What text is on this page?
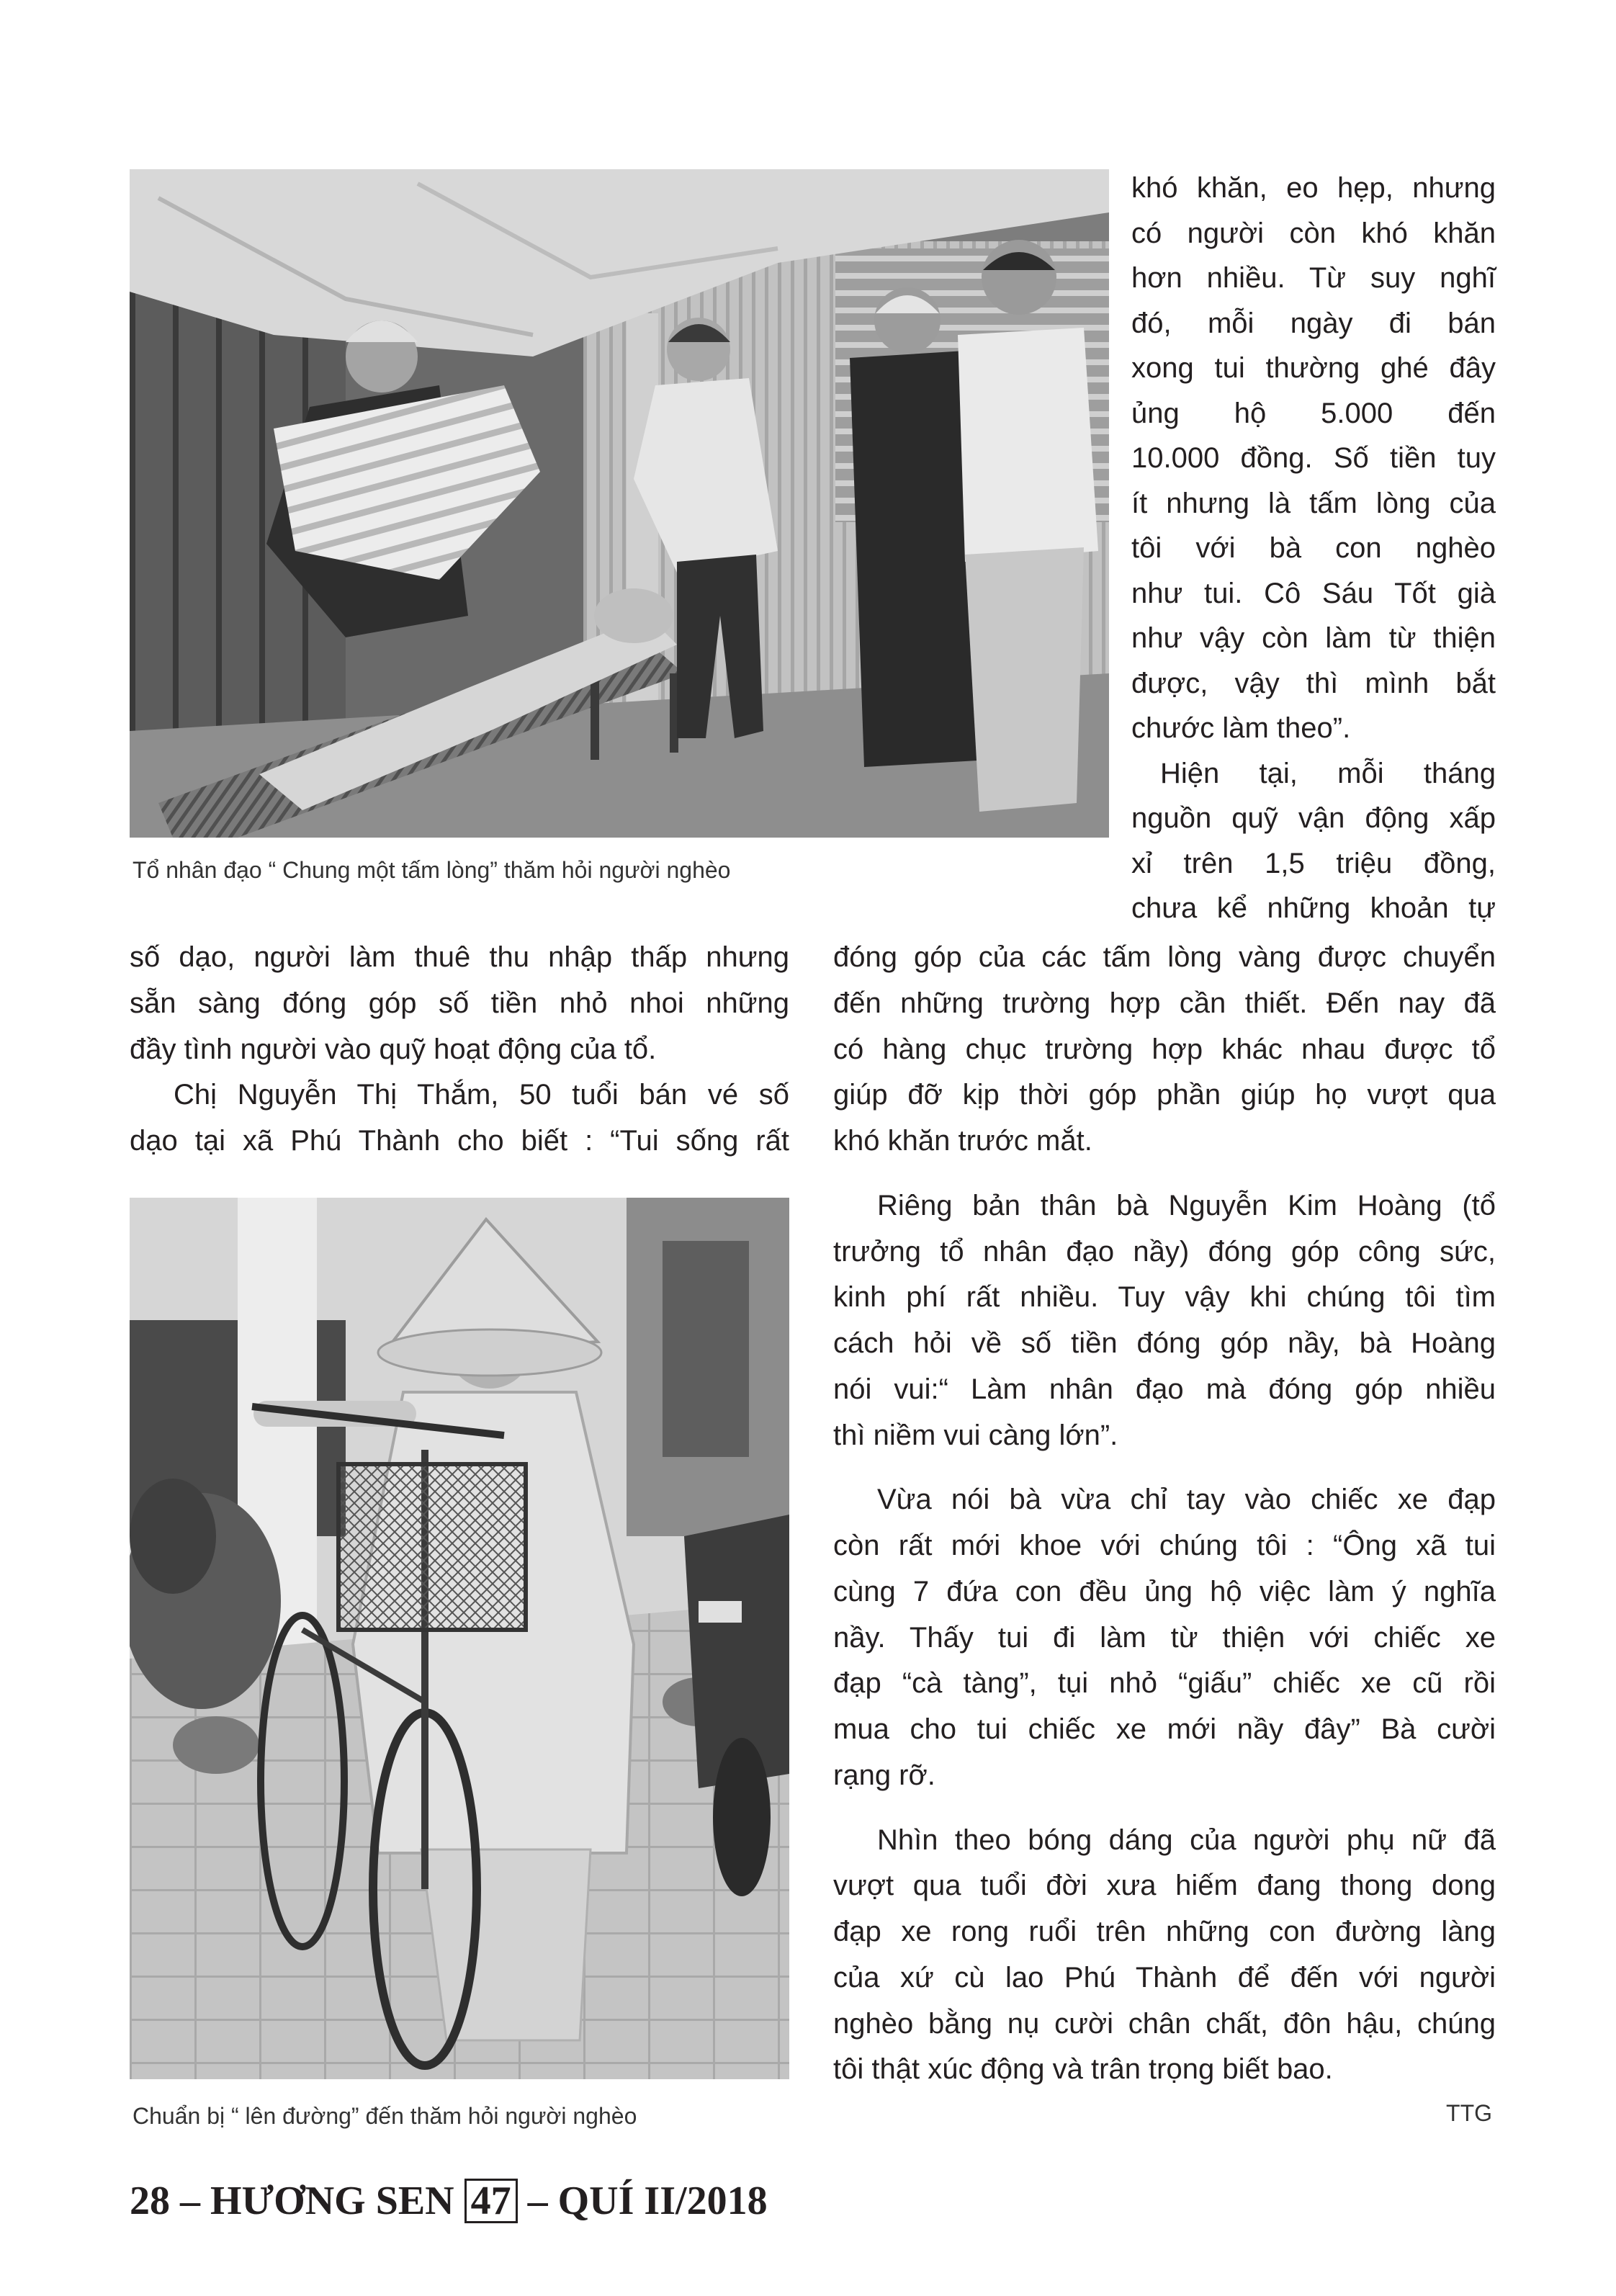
Tổ nhân đạo “ Chung một tấm lòng” thăm hỏi người nghèo
khó khăn, eo hẹp, nhưng
có người còn khó khăn
hơn nhiều. Từ suy nghĩ
đó, mỗi ngày đi bán
xong tui thường ghé đây
ủng hộ 5.000 đến
10.000 đồng. Số tiền tuy
ít nhưng là tấm lòng của
tôi với bà con nghèo
như tui. Cô Sáu Tốt già
như vậy còn làm từ thiện
được, vậy thì mình bắt
chước làm theo”.
Hiện tại, mỗi tháng
nguồn quỹ vận động xấp
xỉ trên 1,5 triệu đồng,
chưa kể những khoản tự
số dạo, người làm thuê thu nhập thấp nhưng
sẵn sàng đóng góp số tiền nhỏ nhoi những
đầy tình người vào quỹ hoạt động của tổ.
Chị Nguyễn Thị Thắm, 50 tuổi bán vé số
dạo tại xã Phú Thành cho biết : “Tui sống rất
đóng góp của các tấm lòng vàng được chuyển
đến những trường hợp cần thiết. Đến nay đã
có hàng chục trường hợp khác nhau được tổ
giúp đỡ kịp thời góp phần giúp họ vượt qua
khó khăn trước mắt.
Riêng bản thân bà Nguyễn Kim Hoàng (tổ
trưởng tổ nhân đạo nầy) đóng góp công sức,
kinh phí rất nhiều. Tuy vậy khi chúng tôi tìm
cách hỏi về số tiền đóng góp nầy, bà Hoàng
nói vui:“ Làm nhân đạo mà đóng góp nhiều
thì niềm vui càng lớn”.
Vừa nói bà vừa chỉ tay vào chiếc xe đạp
còn rất mới khoe với chúng tôi : “Ông xã tui
cùng 7 đứa con đều ủng hộ việc làm ý nghĩa
nầy. Thấy tui đi làm từ thiện với chiếc xe
đạp “cà tàng”, tụi nhỏ “giấu” chiếc xe cũ rồi
mua cho tui chiếc xe mới nầy đây” Bà cười
rạng rỡ.
Nhìn theo bóng dáng của người phụ nữ đã
vượt qua tuổi đời xưa hiếm đang thong dong
đạp xe rong ruổi trên những con đường làng
của xứ cù lao Phú Thành để đến với người
nghèo bằng nụ cười chân chất, đôn hậu, chúng
tôi thật xúc động và trân trọng biết bao.
Chuẩn bị “ lên đường” đến thăm hỏi người nghèo	TTG
28 – HƯƠNG SEN 47 – QUÍ II/2018
